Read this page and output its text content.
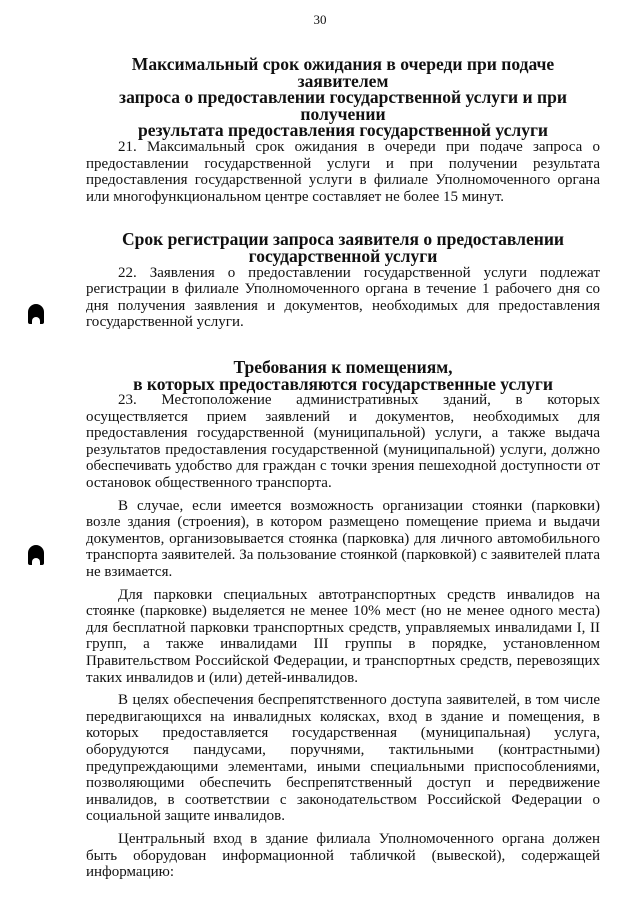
30
Максимальный срок ожидания в очереди при подаче заявителем
запроса о предоставлении государственной услуги и при получении
результата предоставления государственной услуги

21. Максимальный срок ожидания в очереди при подаче запроса о предоставлении государственной услуги и при получении результата предоставления государственной услуги в филиале Уполномоченного органа или многофункциональном центре составляет не более 15 минут.

Срок регистрации запроса заявителя о предоставлении
государственной услуги

22. Заявления о предоставлении государственной услуги подлежат регистрации в филиале Уполномоченного органа в течение 1 рабочего дня со дня получения заявления и документов, необходимых для предоставления государственной услуги.

Требования к помещениям,
в которых предоставляются государственные услуги

23. Местоположение административных зданий, в которых осуществляется прием заявлений и документов, необходимых для предоставления государственной (муниципальной) услуги, а также выдача результатов предоставления государственной (муниципальной) услуги, должно обеспечивать удобство для граждан с точки зрения пешеходной доступности от остановок общественного транспорта.

В случае, если имеется возможность организации стоянки (парковки) возле здания (строения), в котором размещено помещение приема и выдачи документов, организовывается стоянка (парковка) для личного автомобильного транспорта заявителей. За пользование стоянкой (парковкой) с заявителей плата не взимается.

Для парковки специальных автотранспортных средств инвалидов на стоянке (парковке) выделяется не менее 10% мест (но не менее одного места) для бесплатной парковки транспортных средств, управляемых инвалидами I, II групп, а также инвалидами III группы в порядке, установленном Правительством Российской Федерации, и транспортных средств, перевозящих таких инвалидов и (или) детей-инвалидов.

В целях обеспечения беспрепятственного доступа заявителей, в том числе передвигающихся на инвалидных колясках, вход в здание и помещения, в которых предоставляется государственная (муниципальная) услуга, оборудуются пандусами, поручнями, тактильными (контрастными) предупреждающими элементами, иными специальными приспособлениями, позволяющими обеспечить беспрепятственный доступ и передвижение инвалидов, в соответствии с законодательством Российской Федерации о социальной защите инвалидов.

Центральный вход в здание филиала Уполномоченного органа должен быть оборудован информационной табличкой (вывеской), содержащей информацию:
